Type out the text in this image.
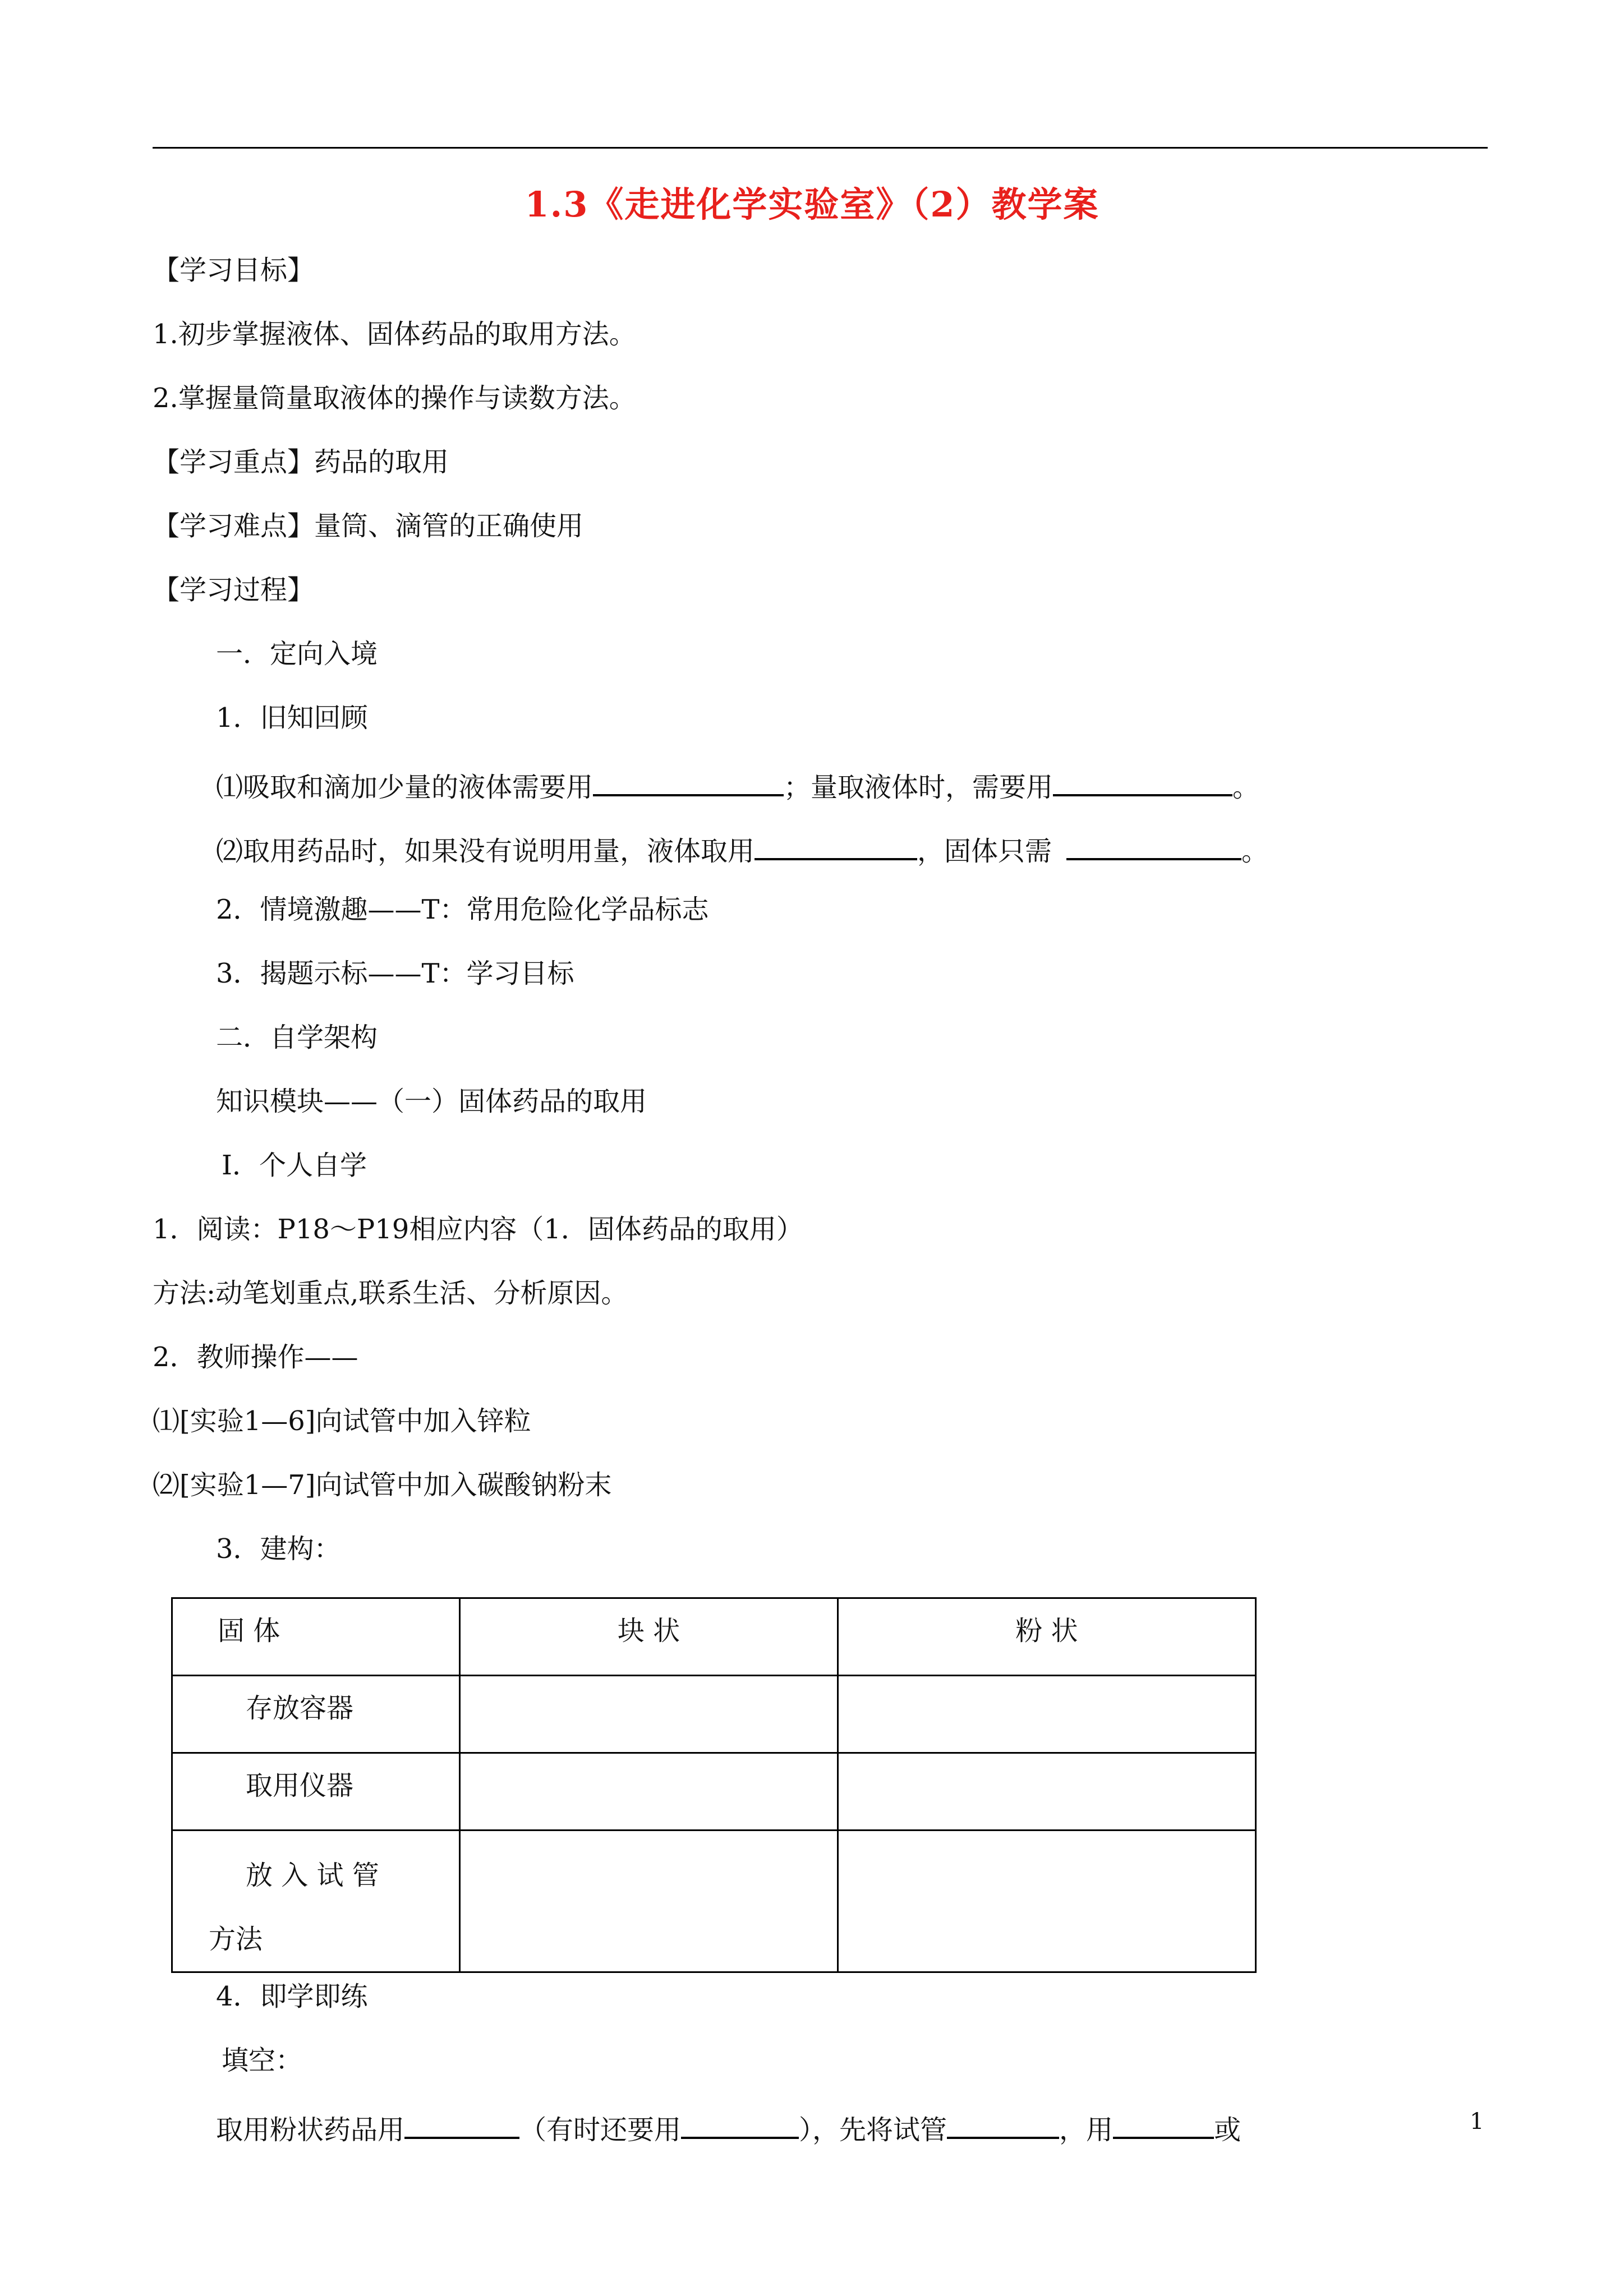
1.3《走进化学实验室》（2）教学案
【学习目标】
1.初步掌握液体、固体药品的取用方法。
2.掌握量筒量取液体的操作与读数方法。
【学习重点】药品的取用
【学习难点】量筒、滴管的正确使用
【学习过程】
一．定向入境
1．旧知回顾
⑴吸取和滴加少量的液体需要用	；量取液体时，需要用	。
⑵取用药品时，如果没有说明用量，液体取用	，固体只需	。
2．情境激趣——T：常用危险化学品标志
3．揭题示标——T：学习目标
二．自学架构
知识模块——（一）固体药品的取用
Ⅰ．个人自学
1．阅读：P18～P19相应内容（1．固体药品的取用）
方法:动笔划重点,联系生活、分析原因。
2．教师操作——
⑴[实验1—6]向试管中加入锌粒
⑵[实验1—7]向试管中加入碳酸钠粉末
3．建构：
固 体	块 状	粉 状
存放容器		
取用仪器		

放 入 试 管
方法		

4．即学即练
填空：
取用粉状药品用	（有时还要用	），先将试管	，用	或	1
